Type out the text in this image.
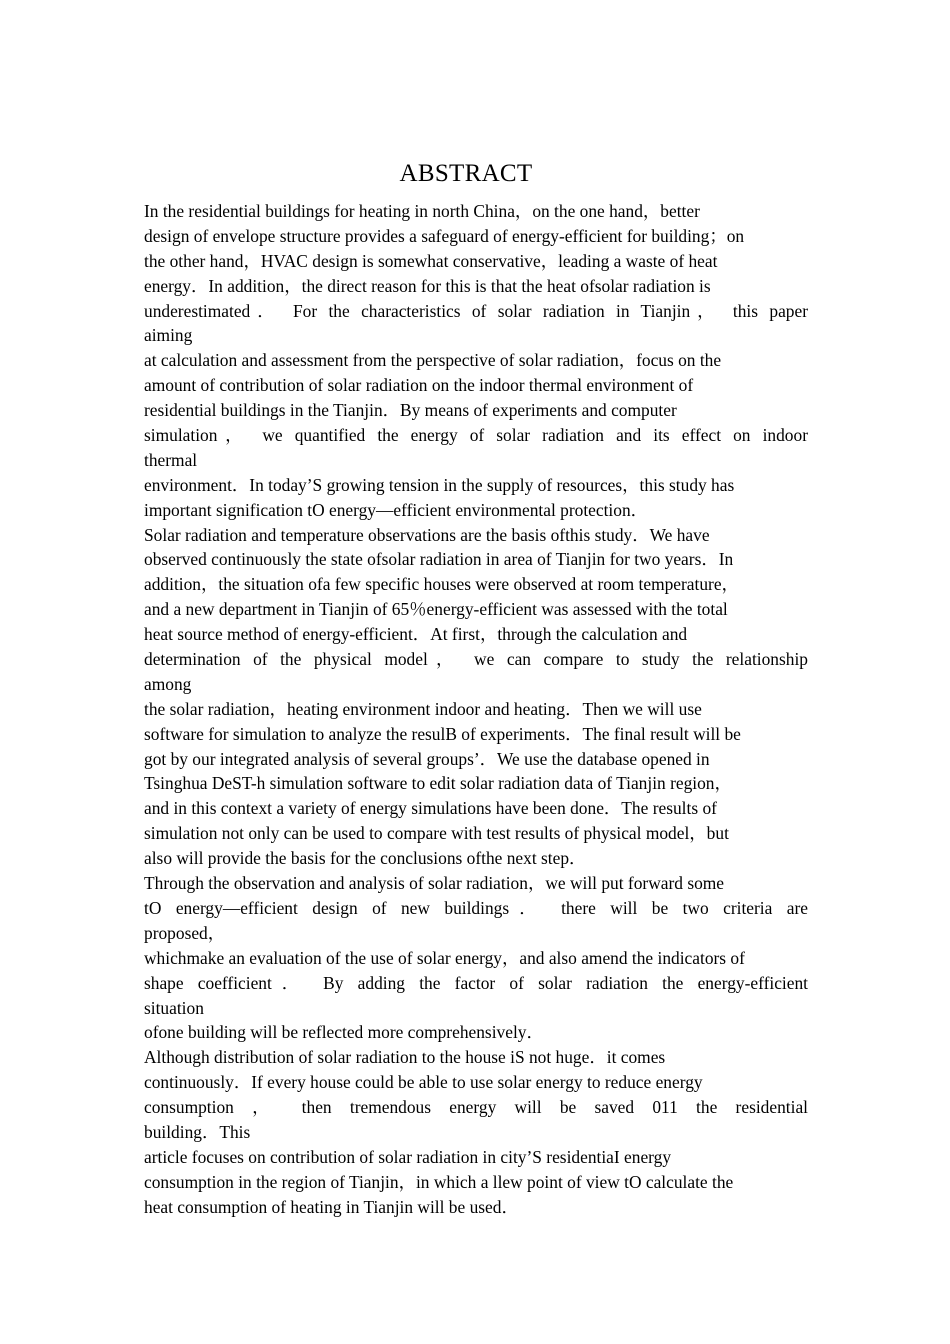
ABSTRACT
In the residential buildings for heating in north China，on the one hand，better
design of envelope structure provides a safeguard of energy-efficient for building；on
the other hand，HVAC design is somewhat conservative，leading a waste of heat
energy．In addition，the direct reason for this is that the heat ofsolar radiation is
underestimated． For the characteristics of solar radiation in Tianjin， this paper
aiming
at calculation and assessment from the perspective of solar radiation，focus on the
amount of contribution of solar radiation on the indoor thermal environment of
residential buildings in the Tianjin．By means of experiments and computer
simulation， we quantified the energy of solar radiation and its effect on indoor
thermal
environment．In today’S growing tension in the supply of resources，this study has
important signification tO energy—efficient environmental protection．
Solar radiation and temperature observations are the basis ofthis study．We have
observed continuously the state ofsolar radiation in area of Tianjin for two years．In
addition，the situation ofa few specific houses were observed at room temperature，
and a new department in Tianjin of 65％energy-efficient was assessed with the total
heat source method of energy-efficient．At first，through the calculation and
determination of the physical model， we can compare to study the relationship
among
the solar radiation，heating environment indoor and heating．Then we will use
software for simulation to analyze the resulB of experiments．The final result will be
got by our integrated analysis of several groups’．We use the database opened in
Tsinghua DeST-h simulation software to edit solar radiation data of Tianjin region，
and in this context a variety of energy simulations have been done．The results of
simulation not only can be used to compare with test results of physical model，but
also will provide the basis for the conclusions ofthe next step．
Through the observation and analysis of solar radiation，we will put forward some
tO energy—efficient design of new buildings． there will be two criteria are
proposed，
whichmake an evaluation of the use of solar energy，and also amend the indicators of
shape coefficient． By adding the factor of solar radiation the energy-efficient
situation
ofone building will be reflected more comprehensively．
Although distribution of solar radiation to the house iS not huge．it comes
continuously．If every house could be able to use solar energy to reduce energy
consumption ， then tremendous energy will be saved 011 the residential
building．This
article focuses on contribution of solar radiation in city’S residentiaI energy
consumption in the region of Tianjin，in which a llew point of view tO calculate the
heat consumption of heating in Tianjin will be used．
